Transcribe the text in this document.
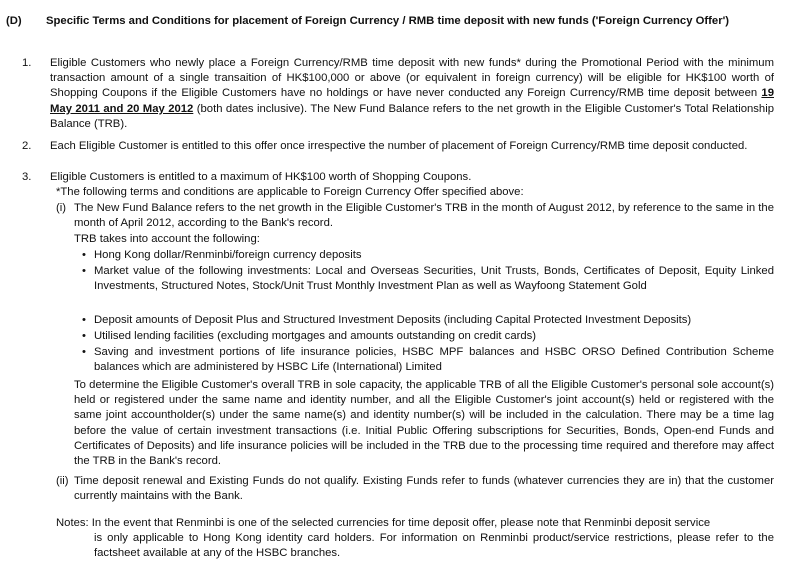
(D) Specific Terms and Conditions for placement of Foreign Currency / RMB time deposit with new funds ('Foreign Currency Offer')
1.	Eligible Customers who newly place a Foreign Currency/RMB time deposit with new funds* during the Promotional Period with the minimum transaction amount of a single transaition of HK$100,000 or above (or equivalent in foreign currency) will be eligible for HK$100 worth of Shopping Coupons if the Eligible Customers have no holdings or have never conducted any Foreign Currency/RMB time deposit between 19 May 2011 and 20 May 2012 (both dates inclusive). The New Fund Balance refers to the net growth in the Eligible Customer's Total Relationship Balance (TRB).
2.	Each Eligible Customer is entitled to this offer once irrespective the number of placement of Foreign Currency/RMB time deposit conducted.
3.	Eligible Customers is entitled to a maximum of HK$100 worth of Shopping Coupons.
*The following terms and conditions are applicable to Foreign Currency Offer specified above:
(i) The New Fund Balance refers to the net growth in the Eligible Customer's TRB in the month of August 2012, by reference to the same in the month of April 2012, according to the Bank's record.
TRB takes into account the following:
• Hong Kong dollar/Renminbi/foreign currency deposits
• Market value of the following investments: Local and Overseas Securities, Unit Trusts, Bonds, Certificates of Deposit, Equity Linked Investments, Structured Notes, Stock/Unit Trust Monthly Investment Plan as well as Wayfoong Statement Gold
• Deposit amounts of Deposit Plus and Structured Investment Deposits (including Capital Protected Investment Deposits)
• Utilised lending facilities (excluding mortgages and amounts outstanding on credit cards)
• Saving and investment portions of life insurance policies, HSBC MPF balances and HSBC ORSO Defined Contribution Scheme balances which are administered by HSBC Life (International) Limited
To determine the Eligible Customer's overall TRB in sole capacity, the applicable TRB of all the Eligible Customer's personal sole account(s) held or registered under the same name and identity number, and all the Eligible Customer's joint account(s) held or registered with the same joint accountholder(s) under the same name(s) and identity number(s) will be included in the calculation. There may be a time lag before the value of certain investment transactions (i.e. Initial Public Offering subscriptions for Securities, Bonds, Open-end Funds and Certificates of Deposits) and life insurance policies will be included in the TRB due to the processing time required and therefore may affect the TRB in the Bank's record.
(ii) Time deposit renewal and Existing Funds do not qualify. Existing Funds refer to funds (whatever currencies they are in) that the customer currently maintains with the Bank.
Notes: In the event that Renminbi is one of the selected currencies for time deposit offer, please note that Renminbi deposit service
is only applicable to Hong Kong identity card holders. For information on Renminbi product/service restrictions, please refer to the factsheet available at any of the HSBC branches.
